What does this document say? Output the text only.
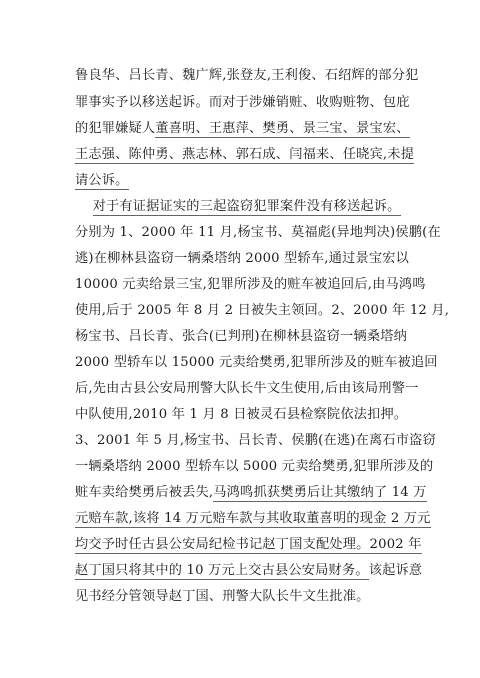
鲁良华、吕长青、魏广辉,张登友,王利俊、石绍辉的部分犯
罪事实予以移送起诉。而对于涉嫌销赃、收购赃物、包庇
的犯罪嫌疑人董喜明、王惠萍、樊勇、景三宝、景宝宏、
王志强、陈仲勇、燕志林、郭石成、闫福来、任晓宾,未提
请公诉。
对于有证据证实的三起盗窃犯罪案件没有移送起诉。
分别为 1、2000 年 11 月,杨宝书、莫福彪(异地判决)侯鹏(在
逃)在柳林县盗窃一辆桑塔纳 2000 型轿车,通过景宝宏以
10000 元卖给景三宝,犯罪所涉及的赃车被追回后,由马鸿鸣
使用,后于 2005 年 8 月 2 日被失主领回。2、2000 年 12 月,
杨宝书、吕长青、张合(已判刑)在柳林县盗窃一辆桑塔纳
2000 型轿车以 15000 元卖给樊勇,犯罪所涉及的赃车被追回
后,先由古县公安局刑警大队长牛文生使用,后由该局刑警一
中队使用,2010 年 1 月 8 日被灵石县检察院依法扣押。
3、2001 年 5 月,杨宝书、吕长青、侯鹏(在逃)在离石市盗窃
一辆桑塔纳 2000 型轿车以 5000 元卖给樊勇,犯罪所涉及的
赃车卖给樊勇后被丢失,马鸿鸣抓获樊勇后让其缴纳了 14 万
元赔车款,该将 14 万元赔车款与其收取董喜明的现金 2 万元
均交予时任古县公安局纪检书记赵丁国支配处理。2002 年
赵丁国只将其中的 10 万元上交古县公安局财务。该起诉意
见书经分管领导赵丁国、刑警大队长牛文生批准。
